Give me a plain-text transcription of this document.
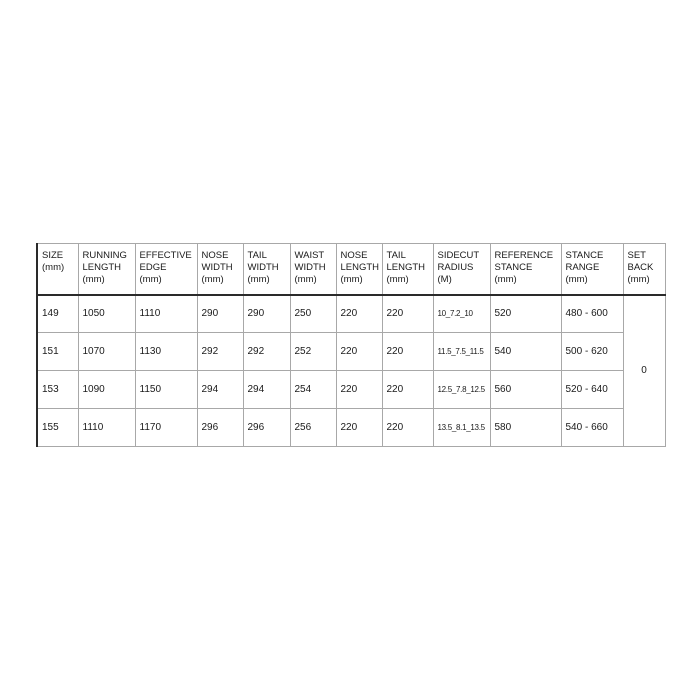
SIZE
(mm)	RUNNING
LENGTH
(mm)	EFFECTIVE
EDGE
(mm)	NOSE
WIDTH
(mm)	TAIL
WIDTH
(mm)	WAIST
WIDTH
(mm)	NOSE
LENGTH
(mm)	TAIL
LENGTH
(mm)	SIDECUT
RADIUS
(M)	REFERENCE
STANCE
(mm)	STANCE
RANGE
(mm)	SET
BACK
(mm)

149	1050	1110	290	290	250	220	220	10_7.2_10	520	480 - 600	0
151	1070	1130	292	292	252	220	220	11.5_7.5_11.5	540	500 - 620	
153	1090	1150	294	294	254	220	220	12.5_7.8_12.5	560	520 - 640	
155	1110	1170	296	296	256	220	220	13.5_8.1_13.5	580	540 - 660	
